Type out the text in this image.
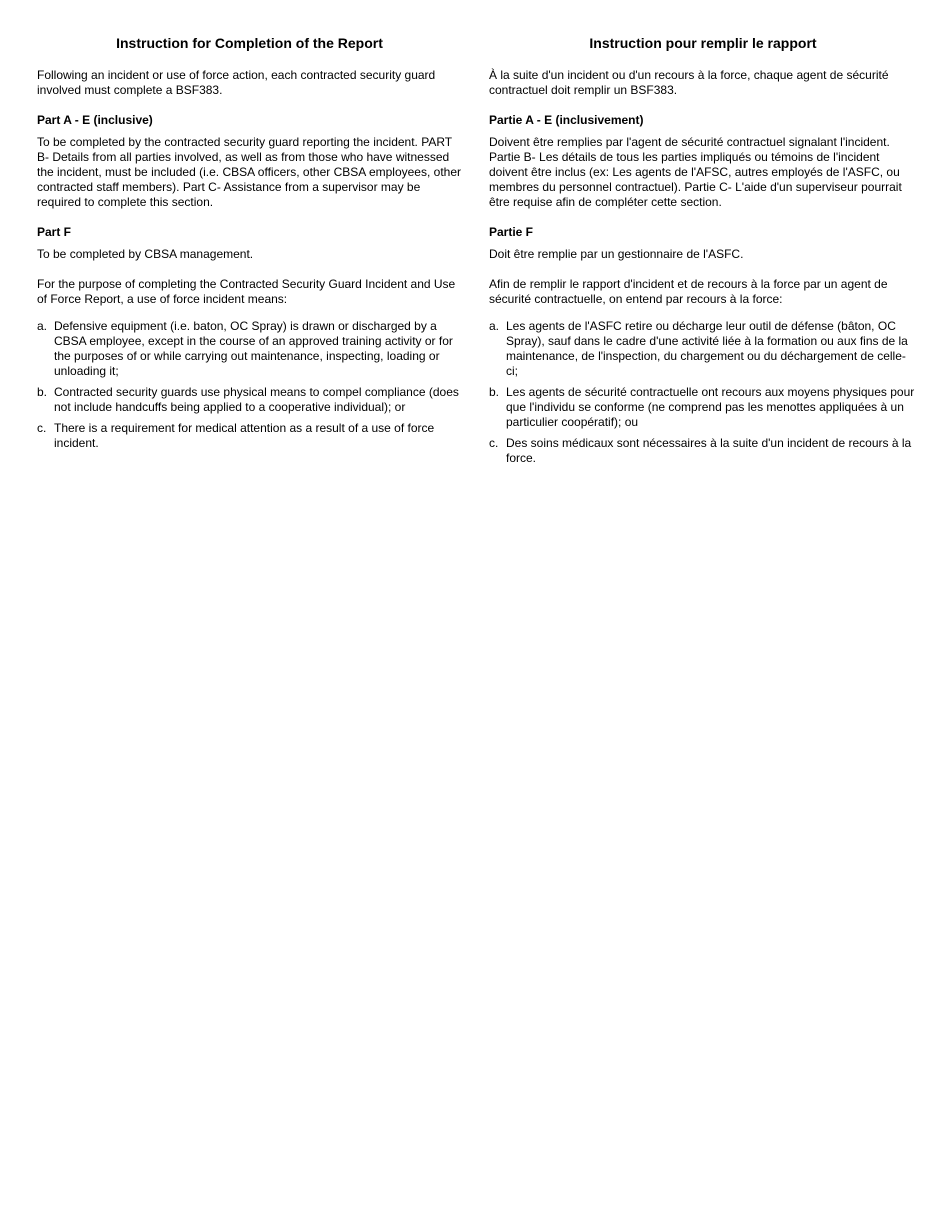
Instruction for Completion of the Report

Following an incident or use of force action, each contracted security guard involved must complete a BSF383.

Part A - E (inclusive)

To be completed by the contracted security guard reporting the incident. PART B- Details from all parties involved, as well as from those who have witnessed the incident, must be included (i.e. CBSA officers, other CBSA employees, other contracted staff members). Part C- Assistance from a supervisor may be required to complete this section.

Part F

To be completed by CBSA management.

For the purpose of completing the Contracted Security Guard Incident and Use of Force Report, a use of force incident means:

a. Defensive equipment (i.e. baton, OC Spray) is drawn or discharged by a CBSA employee, except in the course of an approved training activity or for the purposes of or while carrying out maintenance, inspecting, loading or unloading it;
b. Contracted security guards use physical means to compel compliance (does not include handcuffs being applied to a cooperative individual); or
c. There is a requirement for medical attention as a result of a use of force incident.
Instruction pour remplir le rapport

À la suite d'un incident ou d'un recours à la force, chaque agent de sécurité contractuel doit remplir un BSF383.

Partie A - E (inclusivement)

Doivent être remplies par l'agent de sécurité contractuel signalant l'incident. Partie B- Les détails de tous les parties impliqués ou témoins de l'incident doivent être inclus (ex: Les agents de l'AFSC, autres employés de l'ASFC, ou membres du personnel contractuel). Partie C- L'aide d'un superviseur pourrait être requise afin de compléter cette section.

Partie F

Doit être remplie par un gestionnaire de l'ASFC.

Afin de remplir le rapport d'incident et de recours à la force par un agent de sécurité contractuelle, on entend par recours à la force:

a. Les agents de l'ASFC retire ou décharge leur outil de défense (bâton, OC Spray), sauf dans le cadre d'une activité liée à la formation ou aux fins de la maintenance, de l'inspection, du chargement ou du déchargement de celle-ci;
b. Les agents de sécurité contractuelle ont recours aux moyens physiques pour que l'individu se conforme (ne comprend pas les menottes appliquées à un particulier coopératif); ou
c. Des soins médicaux sont nécessaires à la suite d'un incident de recours à la force.
